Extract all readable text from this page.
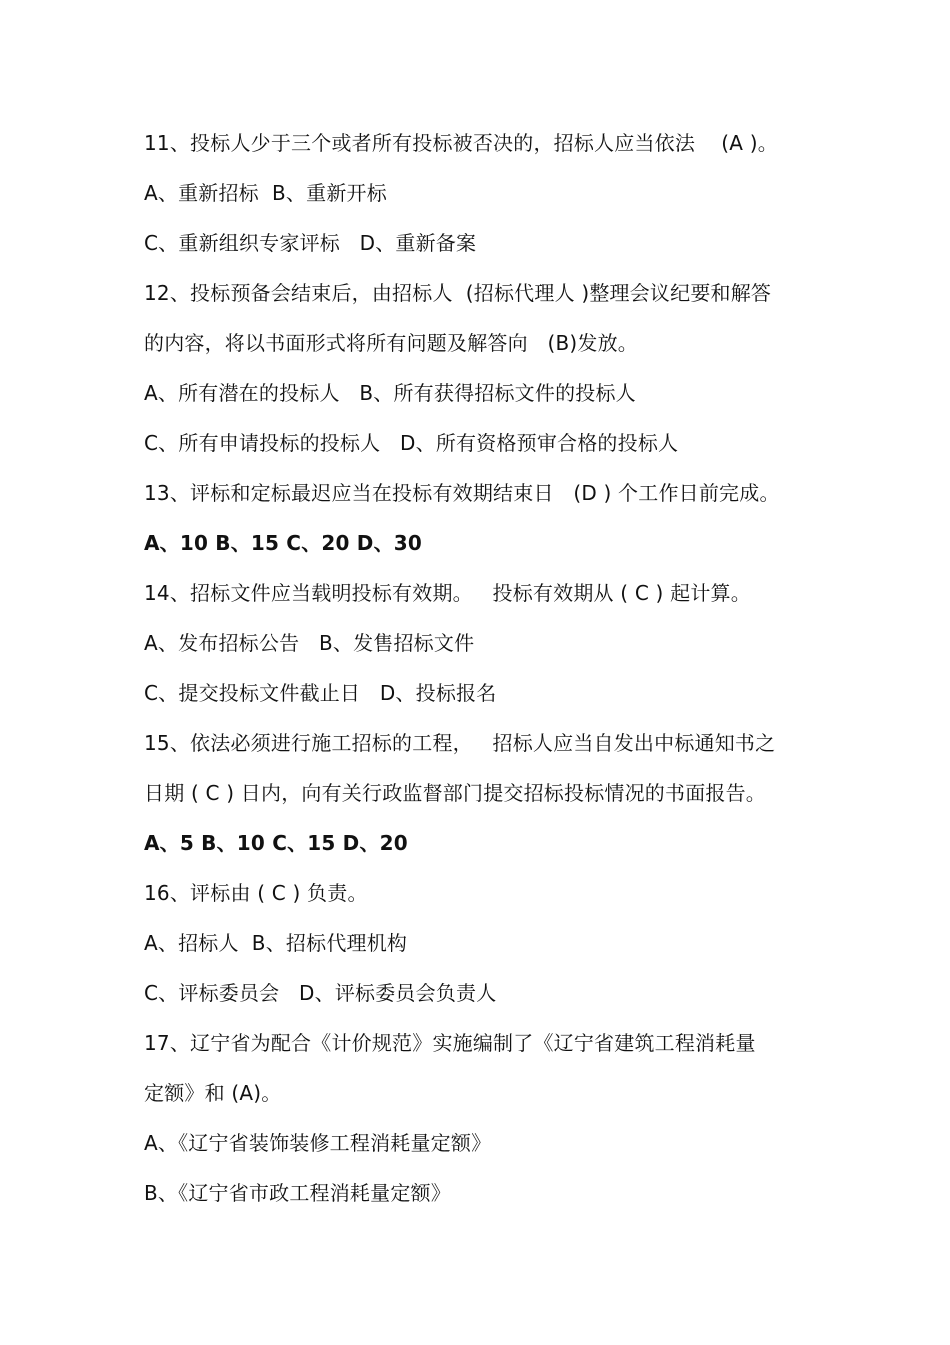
11、投标人少于三个或者所有投标被否决的，招标人应当依法    (A )。
A、重新招标  B、重新开标
C、重新组织专家评标   D、重新备案
12、投标预备会结束后，由招标人  (招标代理人 )整理会议纪要和解答
的内容，将以书面形式将所有问题及解答向   (B)发放。
A、所有潜在的投标人   B、所有获得招标文件的投标人
C、所有申请投标的投标人   D、所有资格预审合格的投标人
13、评标和定标最迟应当在投标有效期结束日   (D ) 个工作日前完成。
A、10 B、15 C、20 D、30
14、招标文件应当载明投标有效期。   投标有效期从 ( C ) 起计算。
A、发布招标公告   B、发售招标文件
C、提交投标文件截止日   D、投标报名
15、依法必须进行施工招标的工程，   招标人应当自发出中标通知书之
日期 ( C ) 日内，向有关行政监督部门提交招标投标情况的书面报告。
A、5 B、10 C、15 D、20
16、评标由 ( C ) 负责。
A、招标人  B、招标代理机构
C、评标委员会   D、评标委员会负责人
17、辽宁省为配合《计价规范》实施编制了《辽宁省建筑工程消耗量
定额》和 (A)。
A、《辽宁省装饰装修工程消耗量定额》
B、《辽宁省市政工程消耗量定额》
